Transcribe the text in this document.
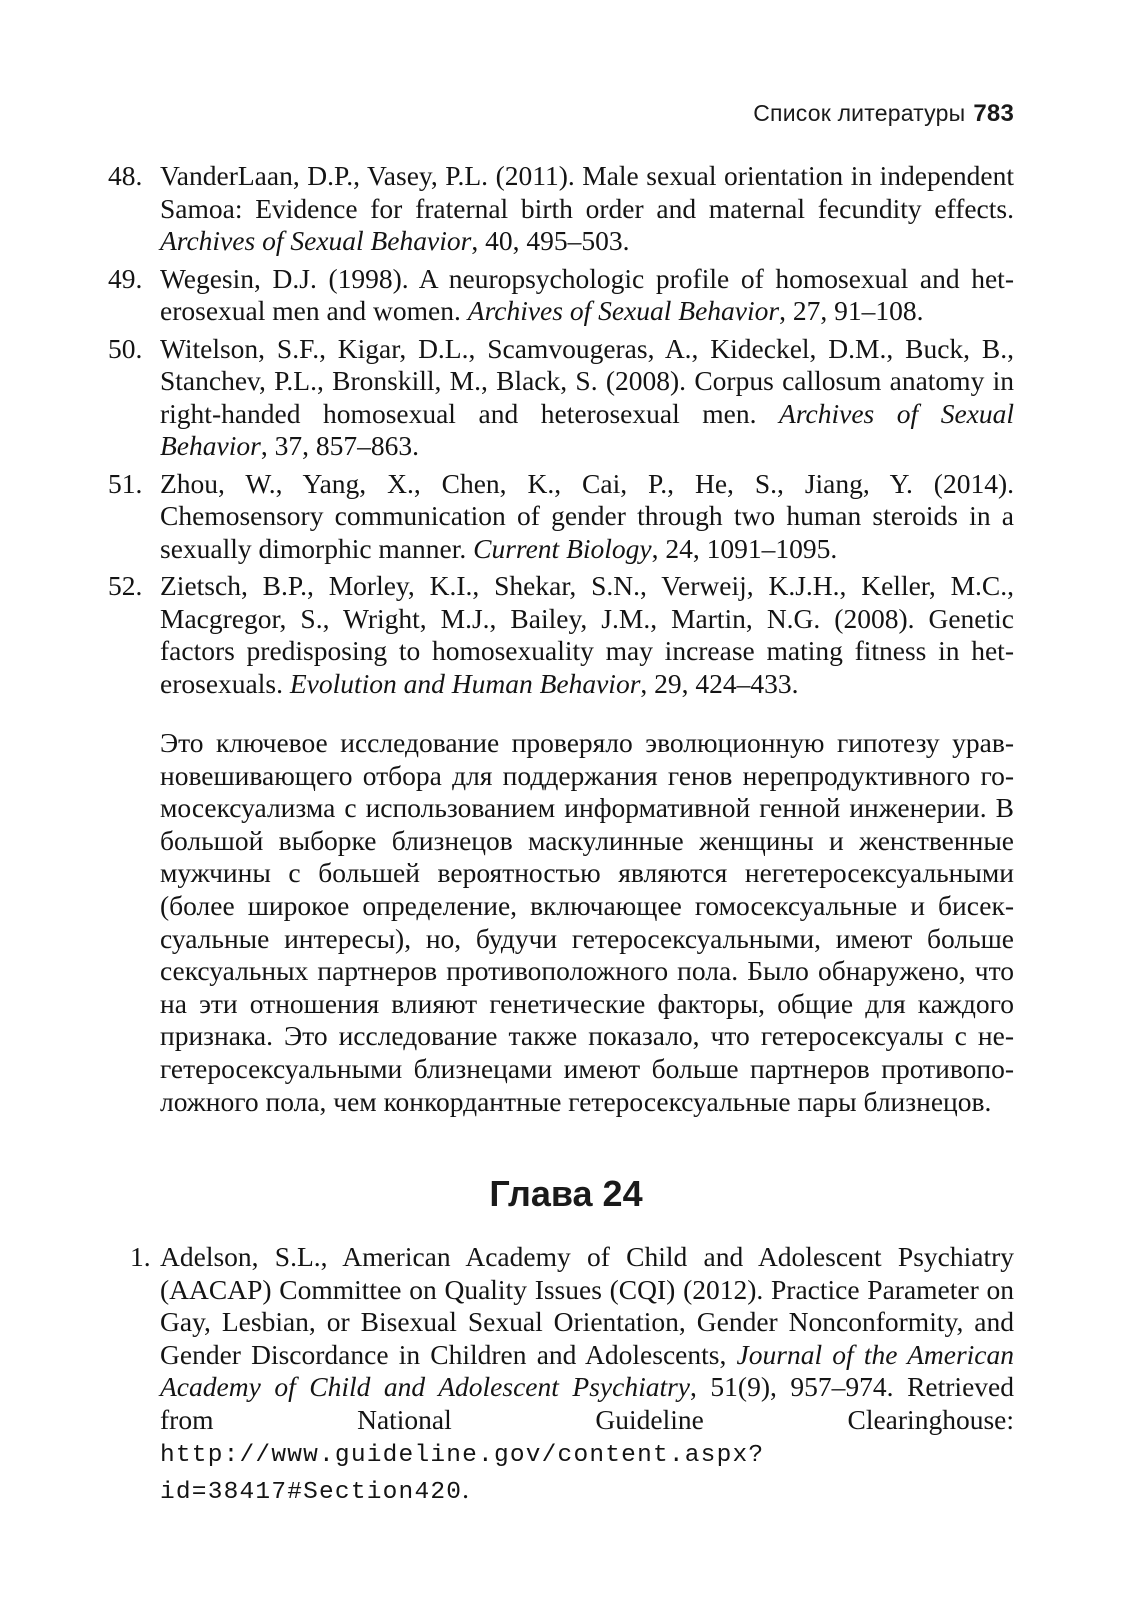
Список литературы 783
48. VanderLaan, D.P., Vasey, P.L. (2011). Male sexual orientation in independent Samoa: Evidence for fraternal birth order and maternal fecundity effects. Archives of Sexual Behavior, 40, 495–503.
49. Wegesin, D.J. (1998). A neuropsychologic profile of homosexual and heterosexual men and women. Archives of Sexual Behavior, 27, 91–108.
50. Witelson, S.F., Kigar, D.L., Scamvougeras, A., Kideckel, D.M., Buck, B., Stanchev, P.L., Bronskill, M., Black, S. (2008). Corpus callosum anatomy in right-handed homosexual and heterosexual men. Archives of Sexual Behavior, 37, 857–863.
51. Zhou, W., Yang, X., Chen, K., Cai, P., He, S., Jiang, Y. (2014). Chemosensory communication of gender through two human steroids in a sexually dimorphic manner. Current Biology, 24, 1091–1095.
52. Zietsch, B.P., Morley, K.I., Shekar, S.N., Verweij, K.J.H., Keller, M.C., Macgregor, S., Wright, M.J., Bailey, J.M., Martin, N.G. (2008). Genetic factors predisposing to homosexuality may increase mating fitness in heterosexuals. Evolution and Human Behavior, 29, 424–433.

Это ключевое исследование проверяло эволюционную гипотезу уравновешивающего отбора для поддержания генов нерепродуктивного гомосексуализма с использованием информативной генной инженерии. В большой выборке близнецов маскулинные женщины и женственные мужчины с большей вероятностью являются негетеросексуальными (более широкое определение, включающее гомосексуальные и бисексуальные интересы), но, будучи гетеросексуальными, имеют больше сексуальных партнеров противоположного пола. Было обнаружено, что на эти отношения влияют генетические факторы, общие для каждого признака. Это исследование также показало, что гетеросексуалы с негетеросексуальными близнецами имеют больше партнеров противоположного пола, чем конкордантные гетеросексуальные пары близнецов.

Глава 24
1. Adelson, S.L., American Academy of Child and Adolescent Psychiatry (AACAP) Committee on Quality Issues (CQI) (2012). Practice Parameter on Gay, Lesbian, or Bisexual Sexual Orientation, Gender Nonconformity, and Gender Discordance in Children and Adolescents, Journal of the American Academy of Child and Adolescent Psychiatry, 51(9), 957–974. Retrieved from National Guideline Clearinghouse: http://www.guideline.gov/content.aspx?id=38417#Section420.
